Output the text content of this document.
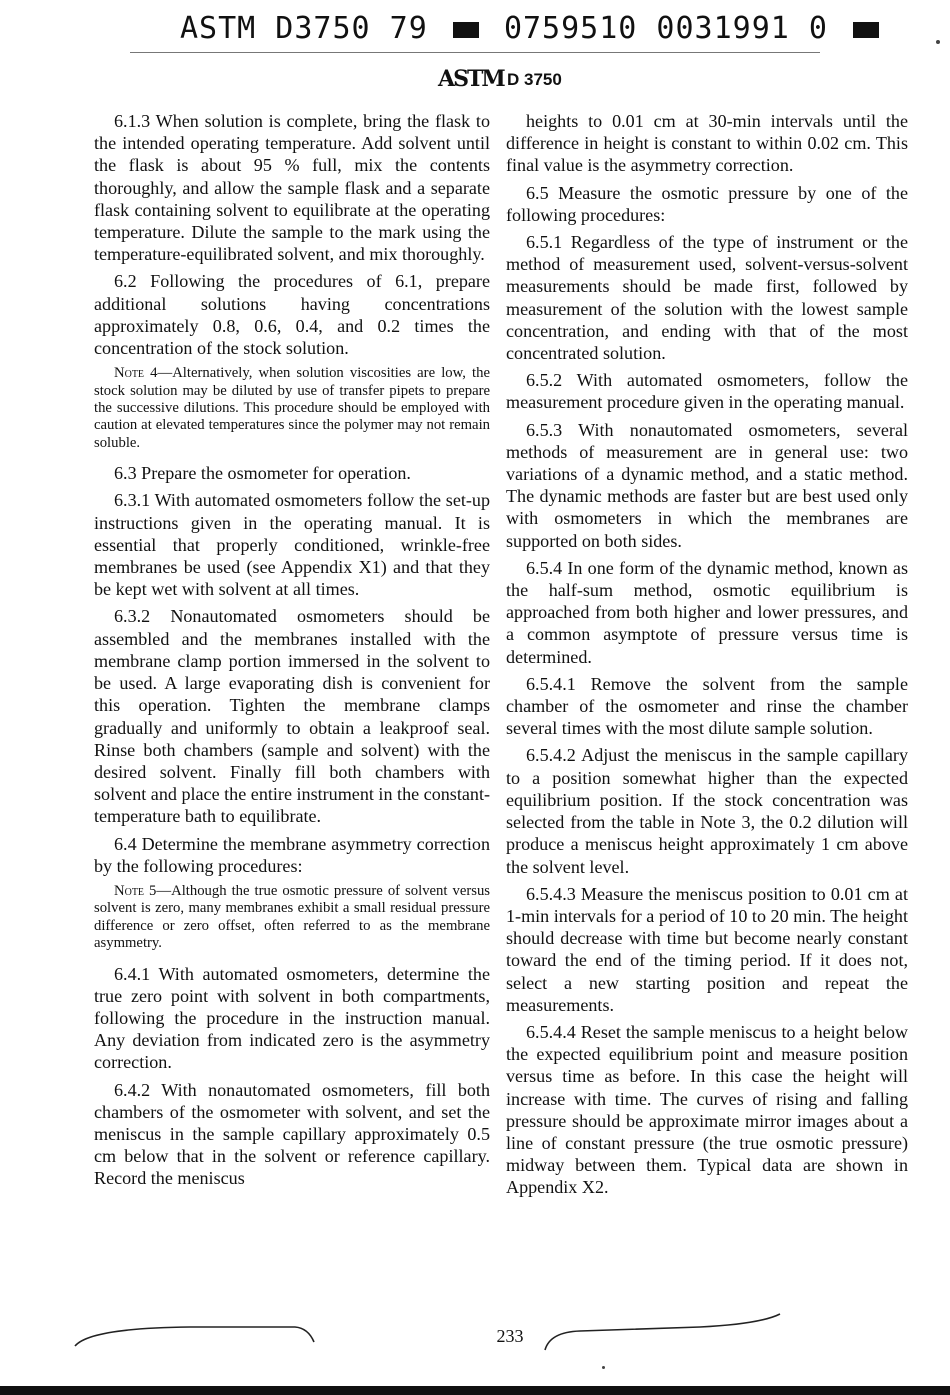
ASTM D3750 79	0759510 0031991 0
ASTM D 3750

6.1.3 When solution is complete, bring the flask to the intended operating temperature. Add solvent until the flask is about 95 % full, mix the contents thoroughly, and allow the sample flask and a separate flask containing solvent to equilibrate at the operating temperature. Dilute the sample to the mark using the temperature-equilibrated solvent, and mix thoroughly.

6.2 Following the procedures of 6.1, prepare additional solutions having concentrations approximately 0.8, 0.6, 0.4, and 0.2 times the concentration of the stock solution.

Note 4—Alternatively, when solution viscosities are low, the stock solution may be diluted by use of transfer pipets to prepare the successive dilutions. This procedure should be employed with caution at elevated temperatures since the polymer may not remain soluble.

6.3 Prepare the osmometer for operation.

6.3.1 With automated osmometers follow the set-up instructions given in the operating manual. It is essential that properly conditioned, wrinkle-free membranes be used (see Appendix X1) and that they be kept wet with solvent at all times.

6.3.2 Nonautomated osmometers should be assembled and the membranes installed with the membrane clamp portion immersed in the solvent to be used. A large evaporating dish is convenient for this operation. Tighten the membrane clamps gradually and uniformly to obtain a leakproof seal. Rinse both chambers (sample and solvent) with the desired solvent. Finally fill both chambers with solvent and place the entire instrument in the constant-temperature bath to equilibrate.

6.4 Determine the membrane asymmetry correction by the following procedures:

Note 5—Although the true osmotic pressure of solvent versus solvent is zero, many membranes exhibit a small residual pressure difference or zero offset, often referred to as the membrane asymmetry.

6.4.1 With automated osmometers, determine the true zero point with solvent in both compartments, following the procedure in the instruction manual. Any deviation from indicated zero is the asymmetry correction.

6.4.2 With nonautomated osmometers, fill both chambers of the osmometer with solvent, and set the meniscus in the sample capillary approximately 0.5 cm below that in the solvent or reference capillary. Record the meniscus

heights to 0.01 cm at 30-min intervals until the difference in height is constant to within 0.02 cm. This final value is the asymmetry correction.

6.5 Measure the osmotic pressure by one of the following procedures:

6.5.1 Regardless of the type of instrument or the method of measurement used, solvent-versus-solvent measurements should be made first, followed by measurement of the solution with the lowest sample concentration, and ending with that of the most concentrated solution.

6.5.2 With automated osmometers, follow the measurement procedure given in the operating manual.

6.5.3 With nonautomated osmometers, several methods of measurement are in general use: two variations of a dynamic method, and a static method. The dynamic methods are faster but are best used only with osmometers in which the membranes are supported on both sides.

6.5.4 In one form of the dynamic method, known as the half-sum method, osmotic equilibrium is approached from both higher and lower pressures, and a common asymptote of pressure versus time is determined.

6.5.4.1 Remove the solvent from the sample chamber of the osmometer and rinse the chamber several times with the most dilute sample solution.

6.5.4.2 Adjust the meniscus in the sample capillary to a position somewhat higher than the expected equilibrium position. If the stock concentration was selected from the table in Note 3, the 0.2 dilution will produce a meniscus height approximately 1 cm above the solvent level.

6.5.4.3 Measure the meniscus position to 0.01 cm at 1-min intervals for a period of 10 to 20 min. The height should decrease with time but become nearly constant toward the end of the timing period. If it does not, select a new starting position and repeat the measurements.

6.5.4.4 Reset the sample meniscus to a height below the expected equilibrium point and measure position versus time as before. In this case the height will increase with time. The curves of rising and falling pressure should be approximate mirror images about a line of constant pressure (the true osmotic pressure) midway between them. Typical data are shown in Appendix X2.

233
